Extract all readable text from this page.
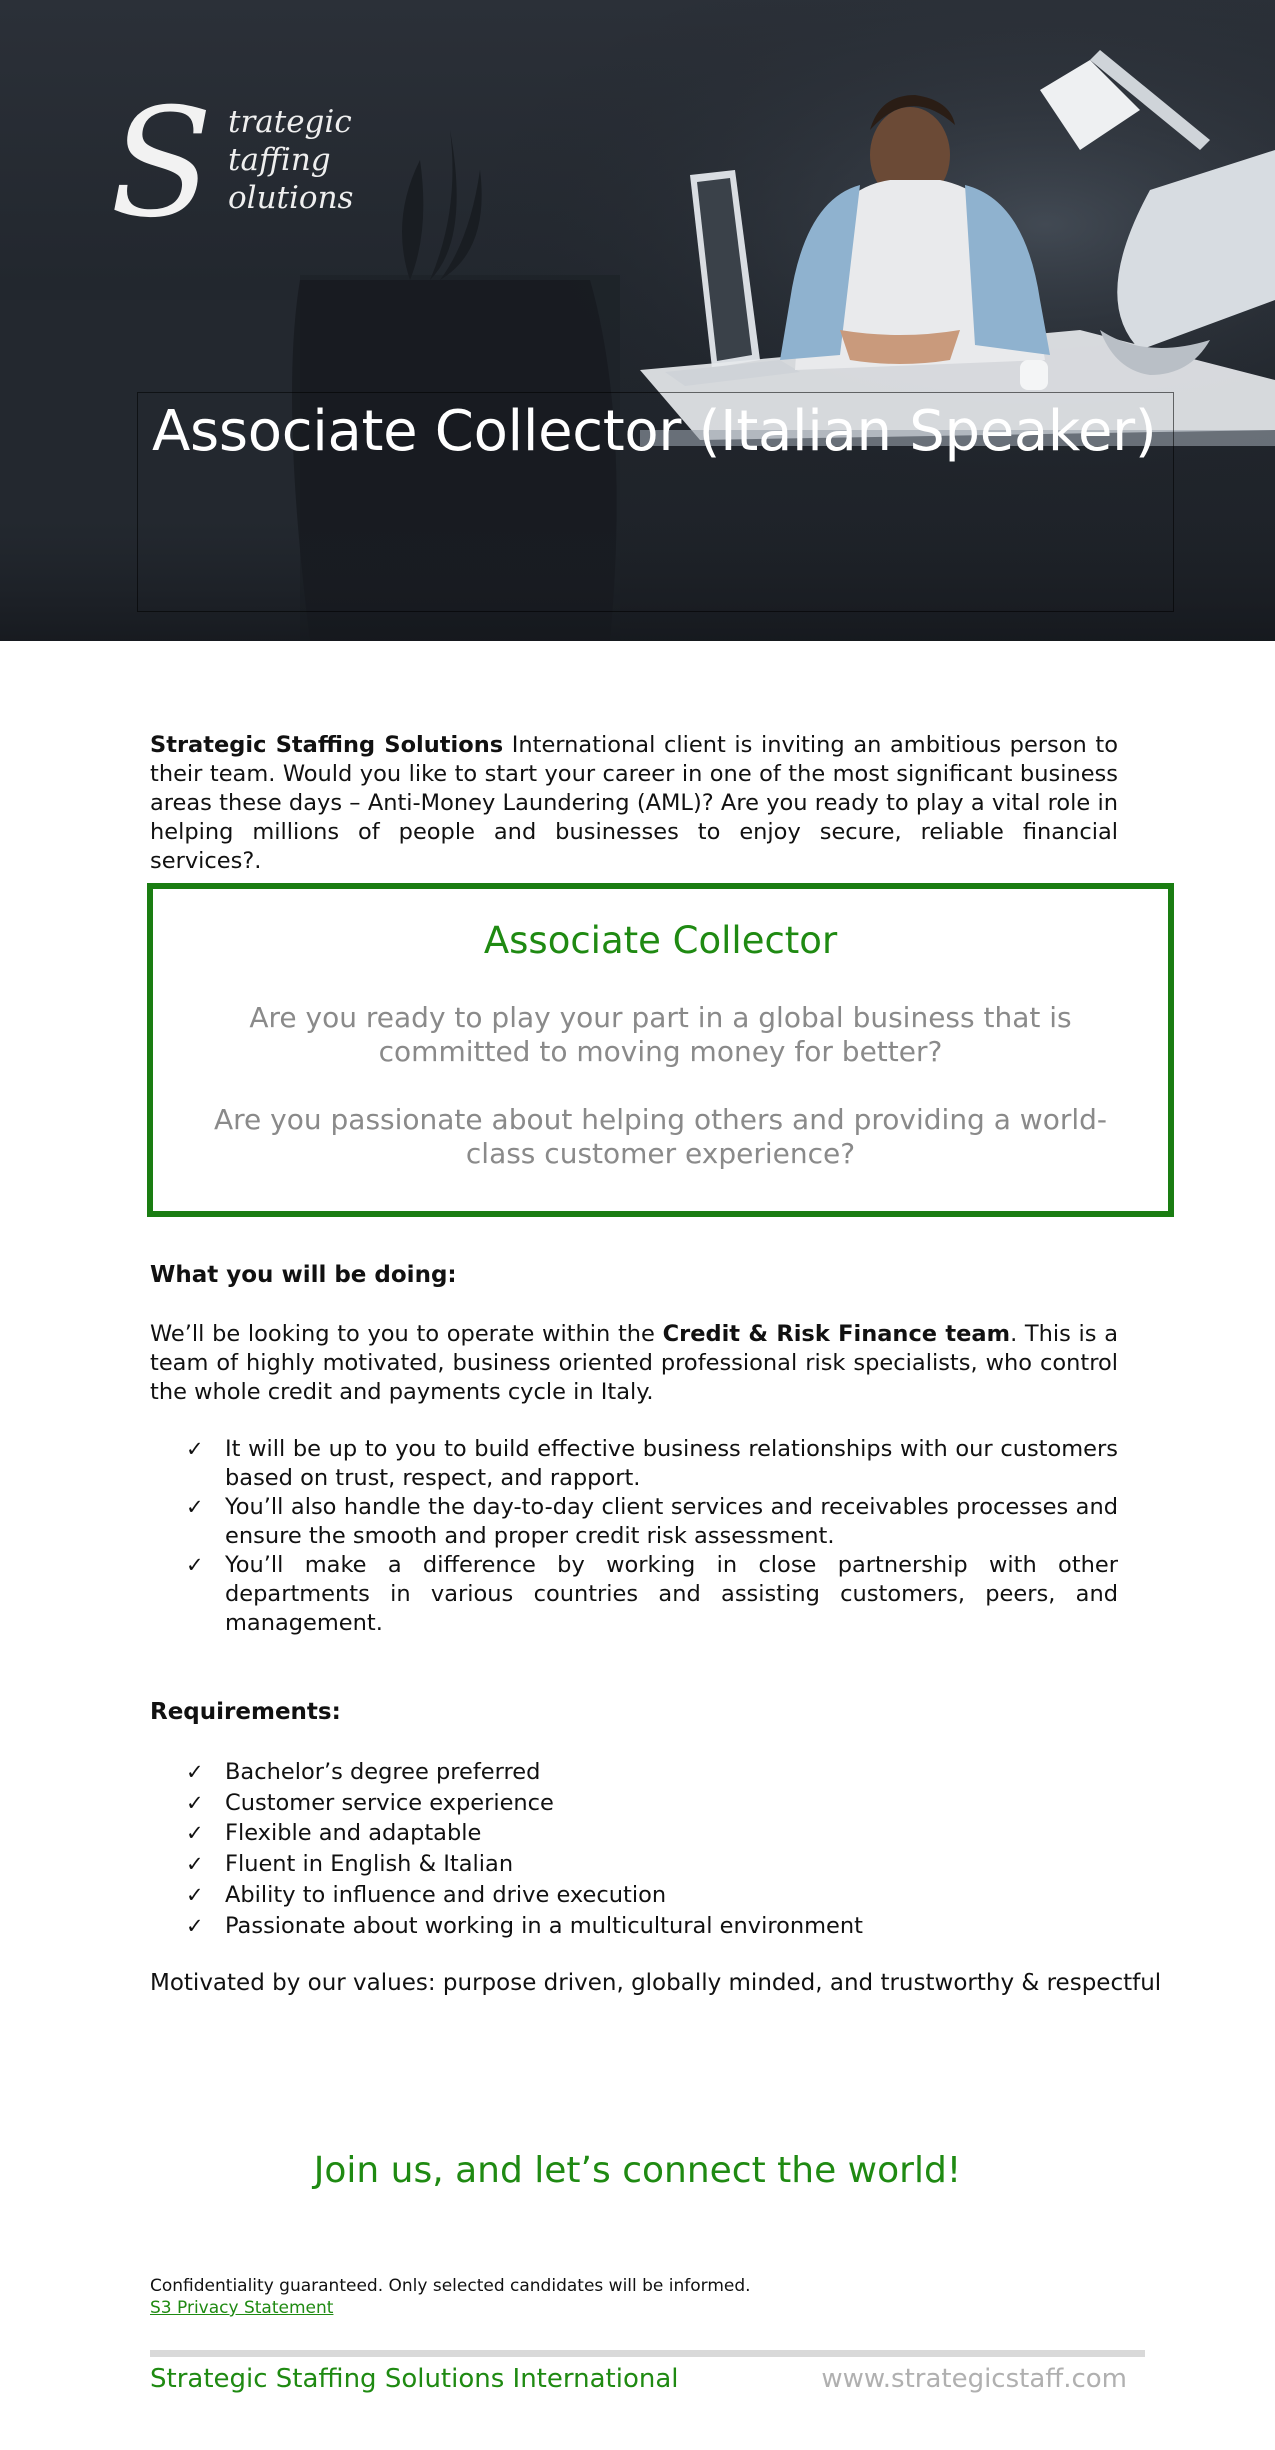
S trategic
taffing
olutions
Associate Collector (Italian Speaker)

Strategic Staffing Solutions International client is inviting an ambitious person to their team. Would you like to start your career in one of the most significant business areas these days – Anti-Money Laundering (AML)? Are you ready to play a vital role in helping millions of people and businesses to enjoy secure, reliable financial services?.

Associate Collector
Are you ready to play your part in a global business that is committed to moving money for better?
Are you passionate about helping others and providing a world-class customer experience?
What you will be doing:

We’ll be looking to you to operate within the Credit & Risk Finance team. This is a team of highly motivated, business oriented professional risk specialists, who control the whole credit and payments cycle in Italy.

✓ It will be up to you to build effective business relationships with our customers based on trust, respect, and rapport.
✓ You’ll also handle the day-to-day client services and receivables processes and ensure the smooth and proper credit risk assessment.
✓ You’ll make a difference by working in close partnership with other departments in various countries and assisting customers, peers, and management.
Requirements:
✓ Bachelor’s degree preferred
✓ Customer service experience
✓ Flexible and adaptable
✓ Fluent in English & Italian
✓ Ability to influence and drive execution
✓ Passionate about working in a multicultural environment

Motivated by our values: purpose driven, globally minded, and trustworthy & respectful

Join us, and let’s connect the world!

Confidentiality guaranteed. Only selected candidates will be informed.

S3 Privacy Statement
Strategic Staffing Solutions International	www.strategicstaff.com
